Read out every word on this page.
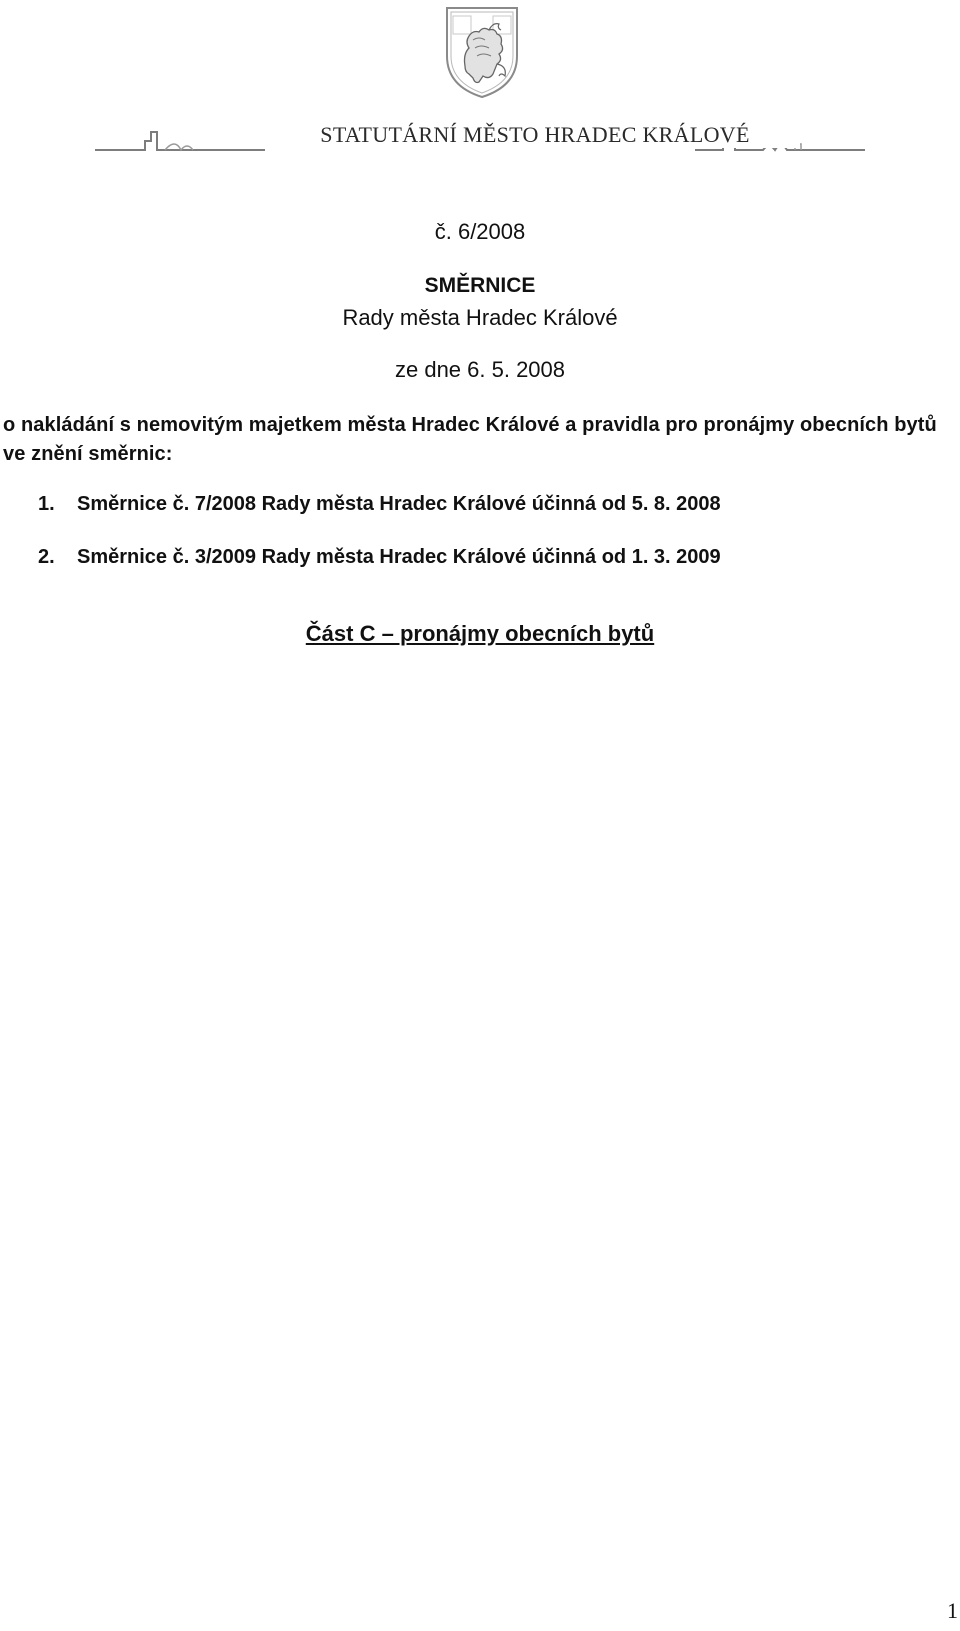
STATUTÁRNÍ MĚSTO HRADEC KRÁLOVÉ
č. 6/2008
SMĚRNICE
Rady města Hradec Králové
ze dne 6. 5. 2008
o nakládání s nemovitým majetkem města Hradec Králové a pravidla pro pronájmy obecních bytů ve znění směrnic:
1. Směrnice č. 7/2008 Rady města Hradec Králové účinná od 5. 8. 2008
2. Směrnice č. 3/2009 Rady města Hradec Králové účinná od 1. 3. 2009
Část C – pronájmy obecních bytů
1
